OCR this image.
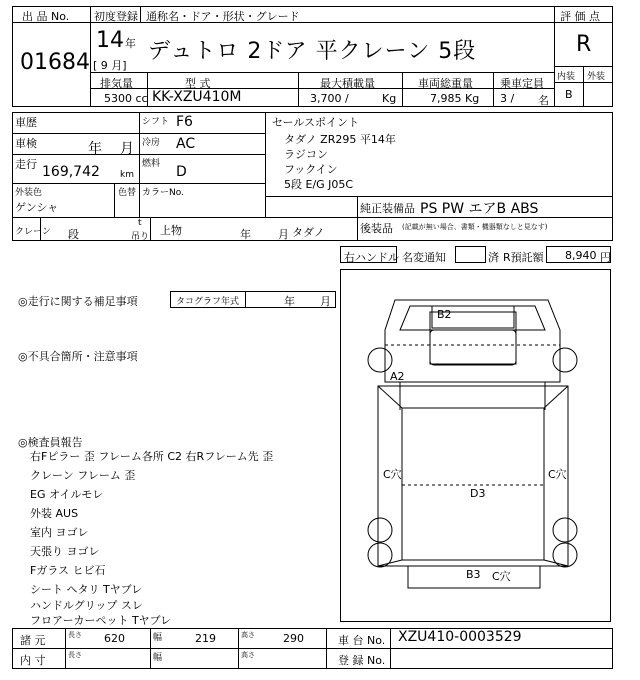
出 品 No.
01684
初度登録 通称名・ドア・形状・グレード
14 年
[ 9 月]
デュトロ 2ドア 平クレーン 5段
評 価 点
R
内装 外装
B
排気量	型 式	最大積載量	車両総重量 乗車定員
5300 cc KK-XZU410M	3,700 /	Kg	7,985 Kg 3 / 名
車歴
車検	年 月
走行 169,742 km
シフト F6
冷房 AC
燃料 D
外装色
ゲンシャ
色替 カラーNo.
クレーン 段
t
吊り 上物	年 月 タダノ
セールスポイント
タダノ ZR295 平14年
ラジコン
フックイン
5段 E/G J05C
純正装備品 PS PW エアB ABS
後装品 (記載が無い場合、書類・機器類なしと見なす)
右ハンドル 名変通知	済 R預託額 8,940 円
◎走行に関する補足事項	タコグラフ年式	年 月
◎不具合箇所・注意事項
◎検査員報告
右Fピラー 歪 フレーム各所 C2 右Rフレーム先 歪
クレーン フレーム 歪
EG オイルモレ
外装 AUS
室内 ヨゴレ
天張り ヨゴレ
Fガラス ヒビ石
シート ヘタリ Tヤブレ
ハンドルグリップ スレ
フロアーカーペット Tヤブレ
B2
A2
C穴	C穴
D3
B3 C穴
諸 元	長さ 620	幅	219	高さ	290	車 台 No. XZU410-0003529
内 寸	長さ	幅	高さ	登 録 No.
